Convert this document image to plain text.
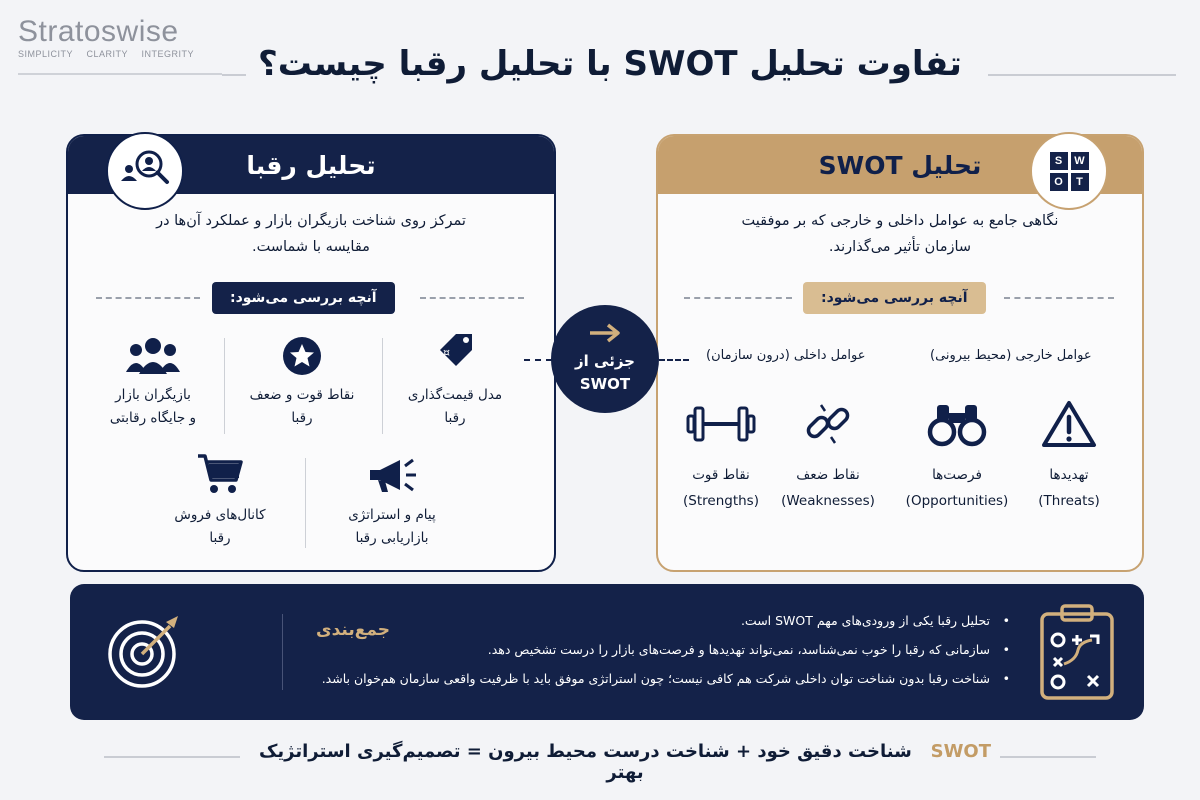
Stratoswise
SIMPLICITY CLARITY INTEGRITY	تفاوت تحلیل SWOT با تحلیل رقبا چیست؟
تحلیل رقبا
تمرکز روی شناخت بازیگران بازار و عملکرد آن‌ها در مقایسه با شماست.
آنچه بررسی می‌شود:
¤
مدل قیمت‌گذاری
رقبا
نقاط قوت و ضعف
رقبا
بازیگران بازار
و جایگاه رقابتی
پیام و استراتژی
بازاریابی رقبا
کانال‌های فروش
رقبا
تحلیل SWOT
نگاهی جامع به عوامل داخلی و خارجی که بر موفقیت سازمان تأثیر می‌گذارند.
S	W
O	T
آنچه بررسی می‌شود:
عوامل داخلی (درون سازمان)	عوامل خارجی (محیط بیرونی)
نقاط قوت
(Strengths)
نقاط ضعف
(Weaknesses)
فرصت‌ها
(Opportunities)
تهدیدها
(Threats)
جزئی از
SWOT
جمع‌بندی
•	تحلیل رقبا یکی از ورودی‌های مهم SWOT است.
• سازمانی که رقبا را خوب نمی‌شناسد، نمی‌تواند تهدیدها و فرصت‌های بازار را درست تشخیص دهد.
• شناخت رقبا بدون شناخت توان داخلی شرکت هم کافی نیست؛ چون استراتژی موفق باید با ظرفیت واقعی سازمان هم‌خوان باشد.
SWOT   شناخت دقیق خود + شناخت درست محیط بیرون = تصمیم‌گیری استراتژیک بهتر
